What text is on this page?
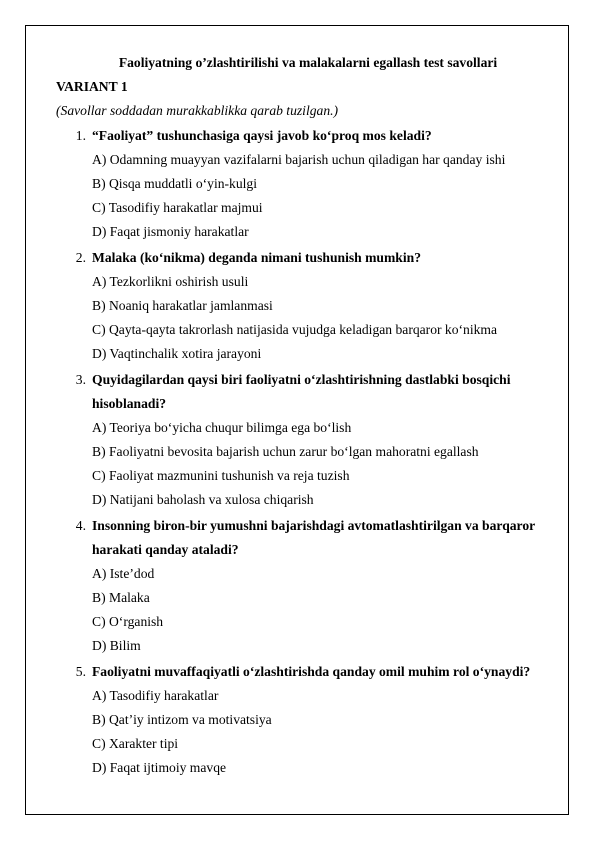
Faoliyatning o’zlashtirilishi va malakalarni egallash test savollari
VARIANT 1
(Savollar soddadan murakkablikka qarab tuzilgan.)
1. “Faoliyat” tushunchasiga qaysi javob ko‘proq mos keladi?
A) Odamning muayyan vazifalarni bajarish uchun qiladigan har qanday ishi
B) Qisqa muddatli o‘yin-kulgi
C) Tasodifiy harakatlar majmui
D) Faqat jismoniy harakatlar
2. Malaka (ko‘nikma) deganda nimani tushunish mumkin?
A) Tezkorlikni oshirish usuli
B) Noaniq harakatlar jamlanmasi
C) Qayta-qayta takrorlash natijasida vujudga keladigan barqaror ko‘nikma
D) Vaqtinchalik xotira jarayoni
3. Quyidagilardan qaysi biri faoliyatni o‘zlashtirishning dastlabki bosqichi hisoblanadi?
A) Teoriya bo‘yicha chuqur bilimga ega bo‘lish
B) Faoliyatni bevosita bajarish uchun zarur bo‘lgan mahoratni egallash
C) Faoliyat mazmunini tushunish va reja tuzish
D) Natijani baholash va xulosa chiqarish
4. Insonning biron-bir yumushni bajarishdagi avtomatlashtirilgan va barqaror harakati qanday ataladi?
A) Iste’dod
B) Malaka
C) O‘rganish
D) Bilim
5. Faoliyatni muvaffaqiyatli o‘zlashtirishda qanday omil muhim rol o‘ynaydi?
A) Tasodifiy harakatlar
B) Qat’iy intizom va motivatsiya
C) Xarakter tipi
D) Faqat ijtimoiy mavqe
